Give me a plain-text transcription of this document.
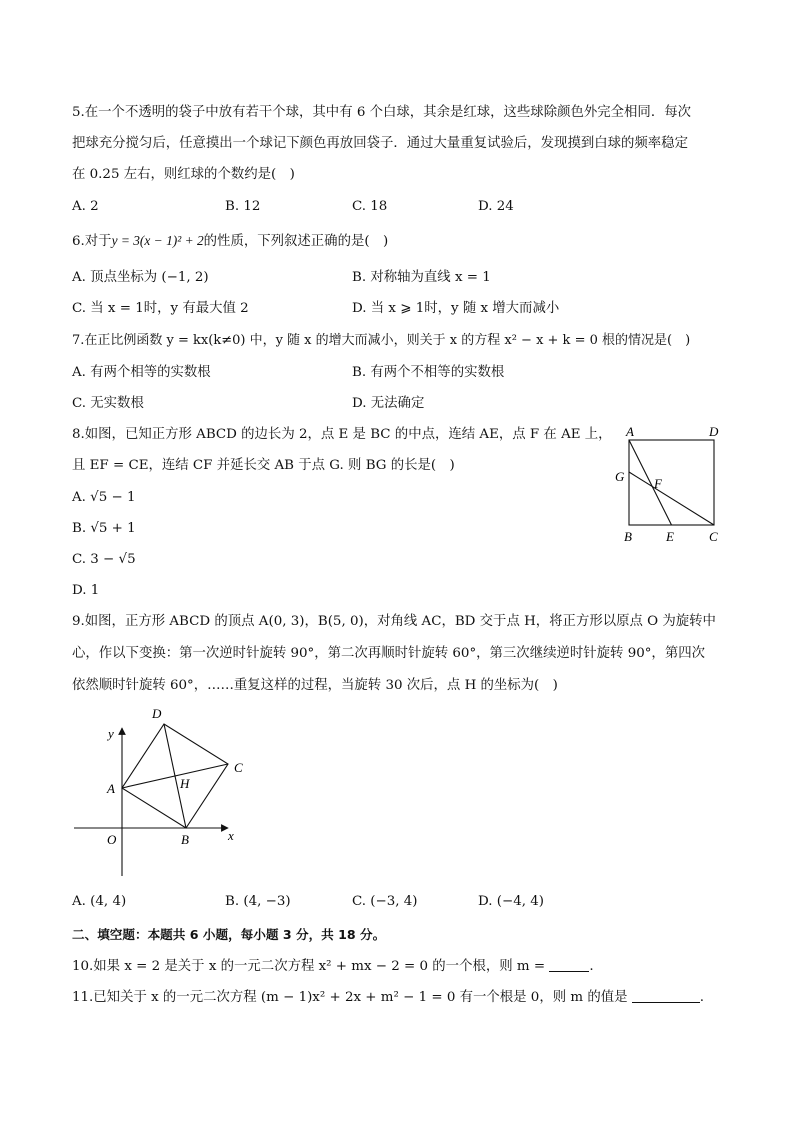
5.在一个不透明的袋子中放有若干个球，其中有 6 个白球，其余是红球，这些球除颜色外完全相同．每次
把球充分搅匀后，任意摸出一个球记下颜色再放回袋子．通过大量重复试验后，发现摸到白球的频率稳定
在 0.25 左右，则红球的个数约是(　)
A. 2	B. 12	C. 18	D. 24
6.对于y = 3(x − 1)² + 2的性质，下列叙述正确的是(　)
A. 顶点坐标为 (−1, 2)	B. 对称轴为直线 x = 1
C. 当 x = 1时，y 有最大值 2	D. 当 x ⩾ 1时，y 随 x 增大而减小
7.在正比例函数 y = kx(k≠0) 中，y 随 x 的增大而减小，则关于 x 的方程 x² − x + k = 0 根的情况是(　)
A. 有两个相等的实数根	B. 有两个不相等的实数根
C. 无实数根	D. 无法确定
8.如图，已知正方形 ABCD 的边长为 2，点 E 是 BC 的中点，连结 AE，点 F 在 AE 上，
且 EF = CE，连结 CF 并延长交 AB 于点 G. 则 BG 的长是(　)
A. √5 − 1
B. √5 + 1
C. 3 − √5
D. 1
A	D
G F
B	E	C
9.如图，正方形 ABCD 的顶点 A(0, 3)，B(5, 0)，对角线 AC，BD 交于点 H，将正方形以原点 O 为旋转中
心，作以下变换：第一次逆时针旋转 90°，第二次再顺时针旋转 60°，第三次继续逆时针旋转 90°，第四次
依然顺时针旋转 60°，……重复这样的过程，当旋转 30 次后，点 H 的坐标为(　)
D
y
C
A	H
O	B	x
A. (4, 4)	B. (4, −3)	C. (−3, 4)	D. (−4, 4)
二、填空题：本题共 6 小题，每小题 3 分，共 18 分。
10.如果 x = 2 是关于 x 的一元二次方程 x² + mx − 2 = 0 的一个根，则 m =	.
11.已知关于 x 的一元二次方程 (m − 1)x² + 2x + m² − 1 = 0 有一个根是 0，则 m 的值是	.
